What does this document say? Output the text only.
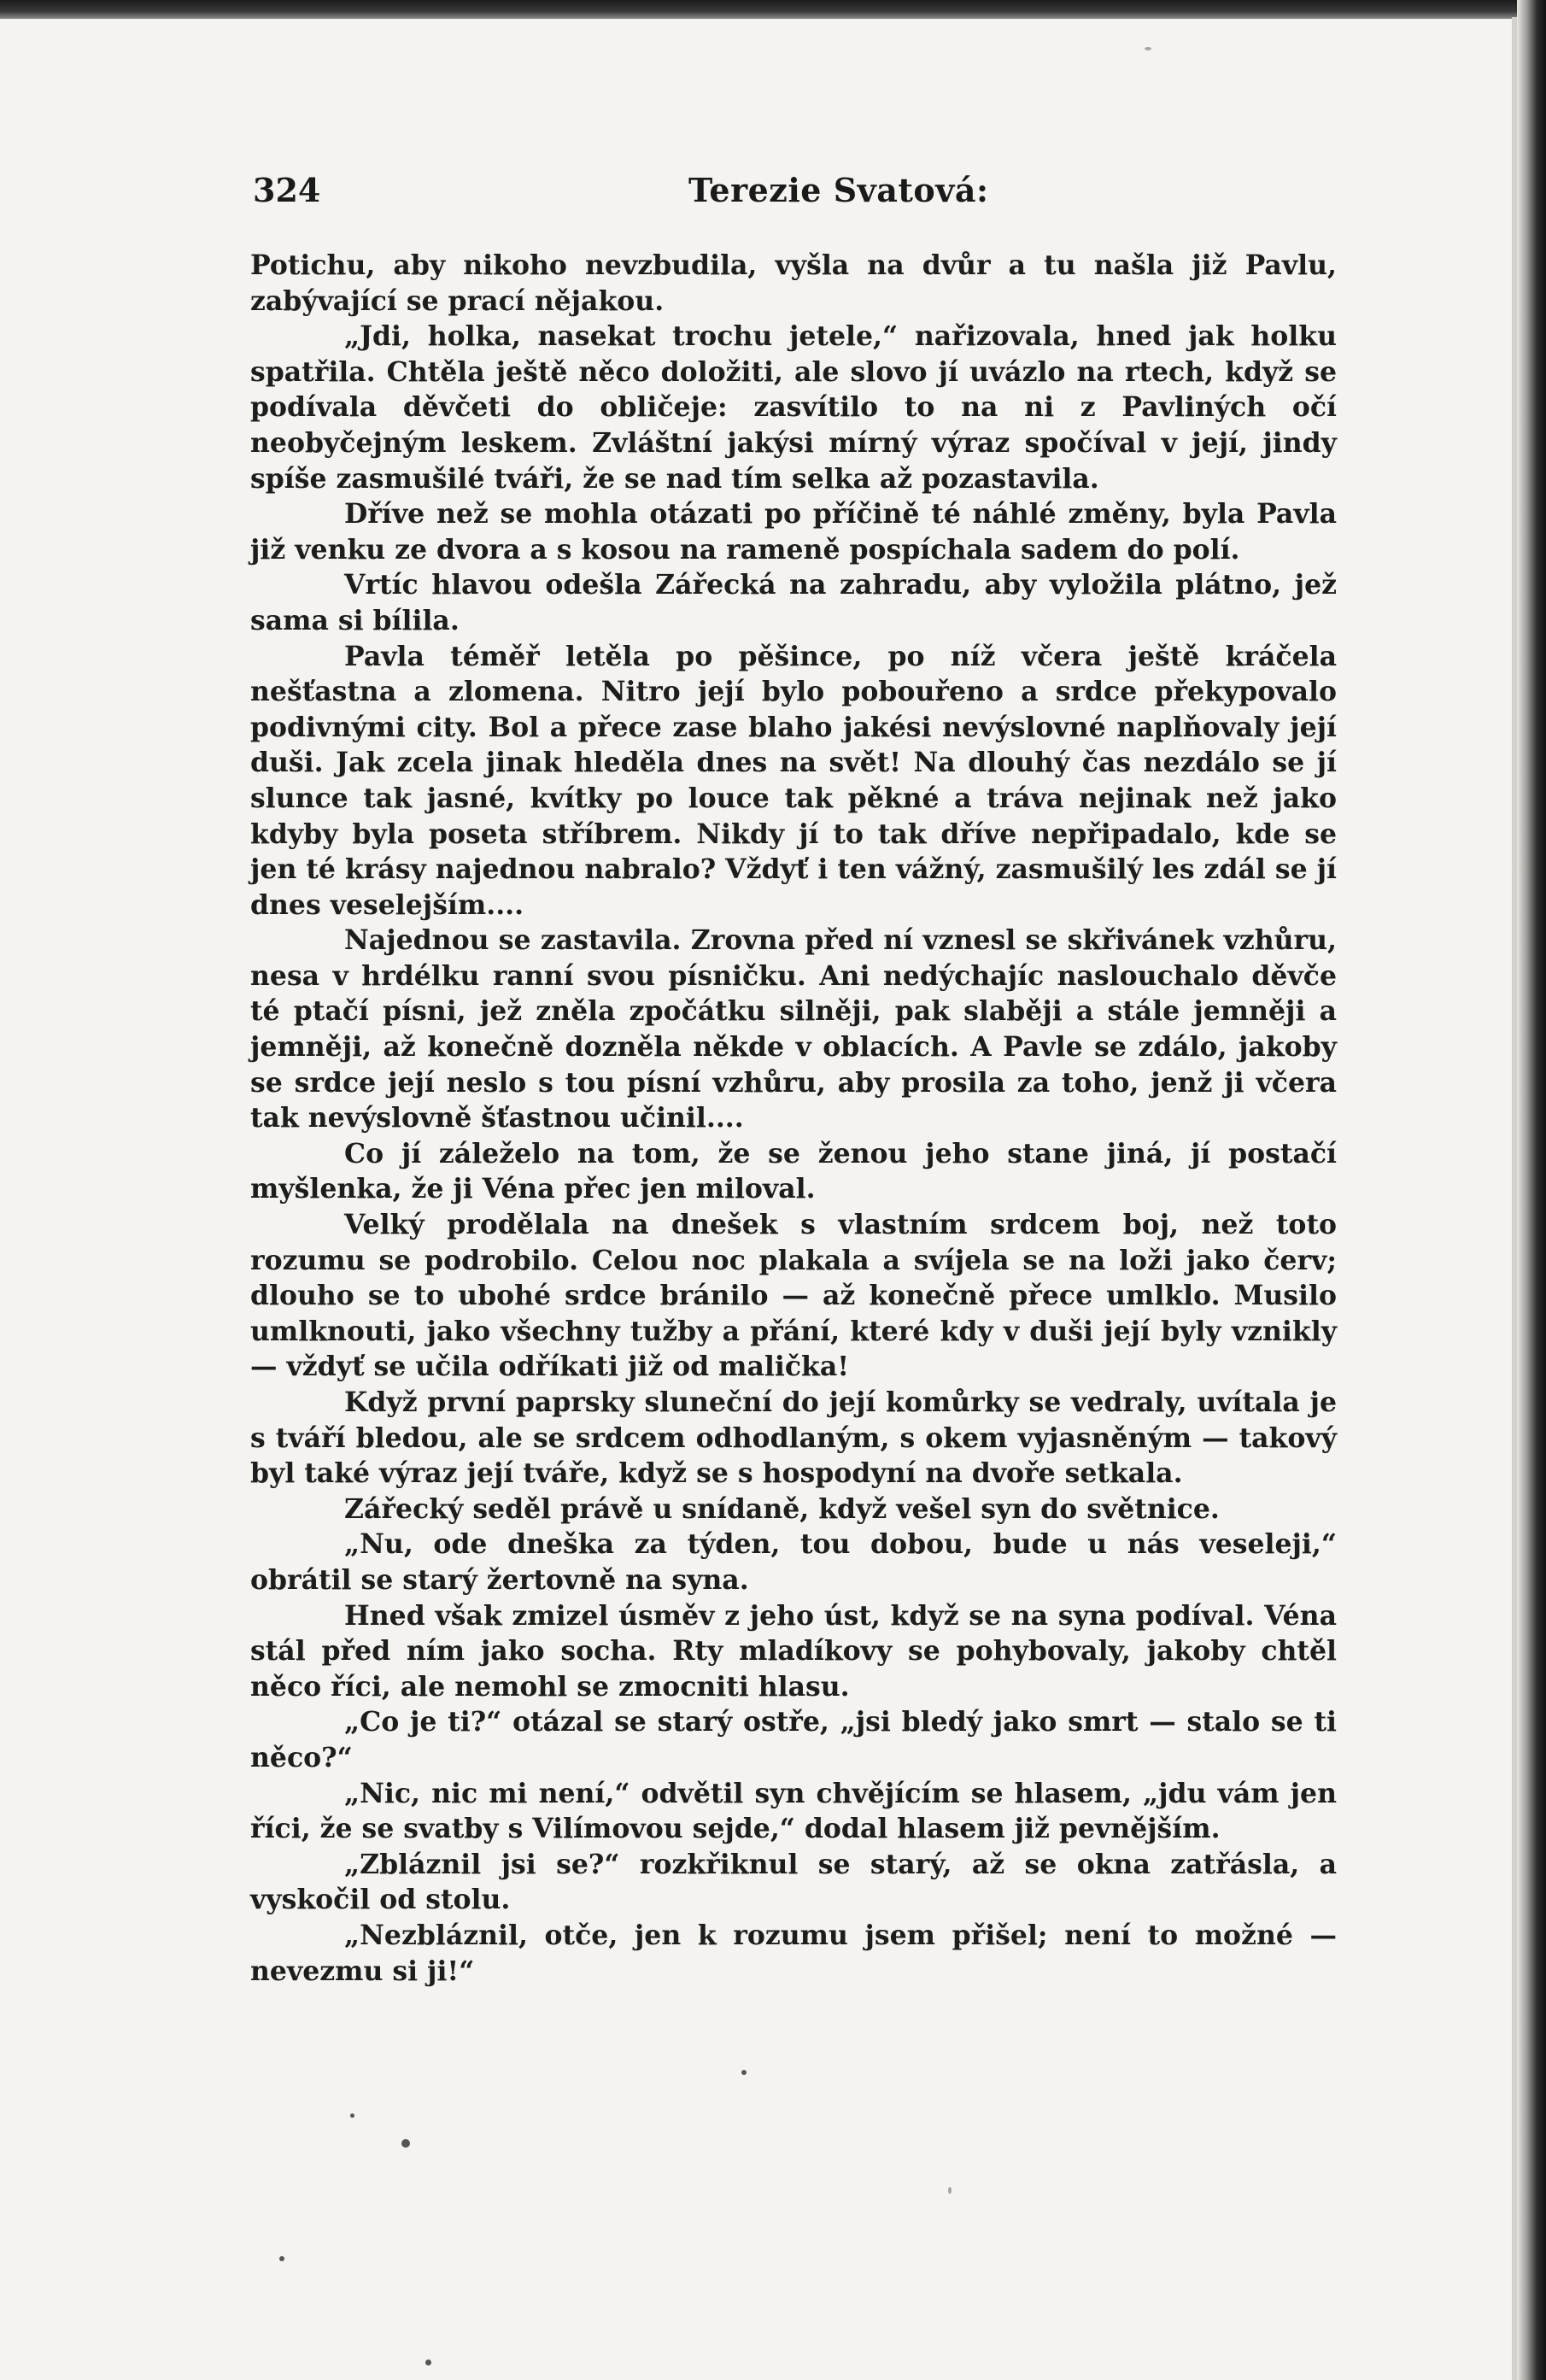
324	Terezie Svatová:

Potichu, aby nikoho nevzbudila, vyšla na dvůr a tu našla již Pavlu, zabývající se prací nějakou.

„Jdi, holka, nasekat trochu jetele,“ nařizovala, hned jak holku spatřila. Chtěla ještě něco doložiti, ale slovo jí uvázlo na rtech, když se podívala děvčeti do obličeje: zasvítilo to na ni z Pavliných očí neobyčejným leskem. Zvláštní jakýsi mírný výraz spočíval v její, jindy spíše zasmušilé tváři, že se nad tím selka až pozastavila.

Dříve než se mohla otázati po příčině té náhlé změny, byla Pavla již venku ze dvora a s kosou na rameně pospíchala sadem do polí.

Vrtíc hlavou odešla Zářecká na zahradu, aby vyložila plátno, jež sama si bílila.

Pavla téměř letěla po pěšince, po níž včera ještě kráčela nešťastna a zlomena. Nitro její bylo pobouřeno a srdce překypovalo podivnými city. Bol a přece zase blaho jakési nevýslovné naplňovaly její duši. Jak zcela jinak hleděla dnes na svět! Na dlouhý čas nezdálo se jí slunce tak jasné, kvítky po louce tak pěkné a tráva nejinak než jako kdyby byla poseta stříbrem. Nikdy jí to tak dříve nepřipadalo, kde se jen té krásy najednou nabralo? Vždyť i ten vážný, zasmušilý les zdál se jí dnes veselejším....

Najednou se zastavila. Zrovna před ní vznesl se skřivánek vzhůru, nesa v hrdélku ranní svou písničku. Ani nedýchajíc naslouchalo děvče té ptačí písni, jež zněla zpočátku silněji, pak slaběji a stále jemněji a jemněji, až konečně dozněla někde v oblacích. A Pavle se zdálo, jakoby se srdce její neslo s tou písní vzhůru, aby prosila za toho, jenž ji včera tak nevýslovně šťastnou učinil....

Co jí záleželo na tom, že se ženou jeho stane jiná, jí postačí myšlenka, že ji Véna přec jen miloval.

Velký prodělala na dnešek s vlastním srdcem boj, než toto rozumu se podrobilo. Celou noc plakala a svíjela se na loži jako červ; dlouho se to ubohé srdce bránilo — až konečně přece umlklo. Musilo umlknouti, jako všechny tužby a přání, které kdy v duši její byly vznikly — vždyť se učila odříkati již od malička!

Když první paprsky sluneční do její komůrky se vedraly, uvítala je s tváří bledou, ale se srdcem odhodlaným, s okem vyjasněným — takový byl také výraz její tváře, když se s hospodyní na dvoře setkala.

Zářecký seděl právě u snídaně, když vešel syn do světnice.

„Nu, ode dneška za týden, tou dobou, bude u nás veseleji,“ obrátil se starý žertovně na syna.

Hned však zmizel úsměv z jeho úst, když se na syna podíval. Véna stál před ním jako socha. Rty mladíkovy se pohybovaly, jakoby chtěl něco říci, ale nemohl se zmocniti hlasu.

„Co je ti?“ otázal se starý ostře, „jsi bledý jako smrt — stalo se ti něco?“

„Nic, nic mi není,“ odvětil syn chvějícím se hlasem, „jdu vám jen říci, že se svatby s Vilímovou sejde,“ dodal hlasem již pevnějším.

„Zbláznil jsi se?“ rozkřiknul se starý, až se okna zatřásla, a vyskočil od stolu.

„Nezbláznil, otče, jen k rozumu jsem přišel; není to možné — nevezmu si ji!“
